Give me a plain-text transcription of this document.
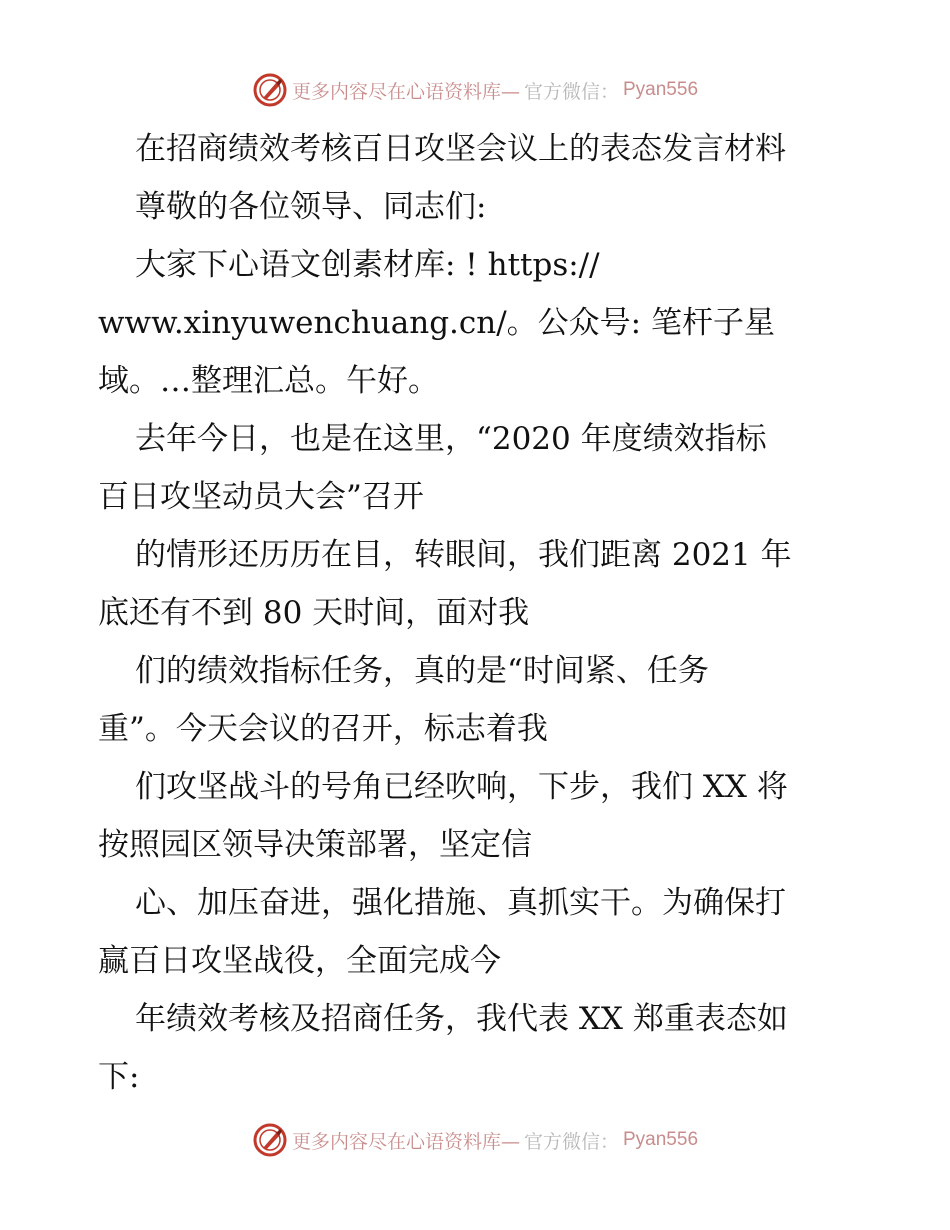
更多内容尽在心语资料库— 官方微信： Pyan556
在招商绩效考核百日攻坚会议上的表态发言材料
尊敬的各位领导、同志们:
大家下心语文创素材库: ! https://
www.xinyuwenchuang.cn/。公众号: 笔杆子星
域。…整理汇总。午好。
去年今日，也是在这里，“2020 年度绩效指标
百日攻坚动员大会”召开
的情形还历历在目，转眼间，我们距离 2021 年
底还有不到 80 天时间，面对我
们的绩效指标任务，真的是“时间紧、任务
重”。今天会议的召开，标志着我
们攻坚战斗的号角已经吹响，下步，我们 XX 将
按照园区领导决策部署，坚定信
心、加压奋进，强化措施、真抓实干。为确保打
赢百日攻坚战役，全面完成今
年绩效考核及招商任务，我代表 XX 郑重表态如
下:
更多内容尽在心语资料库— 官方微信： Pyan556
